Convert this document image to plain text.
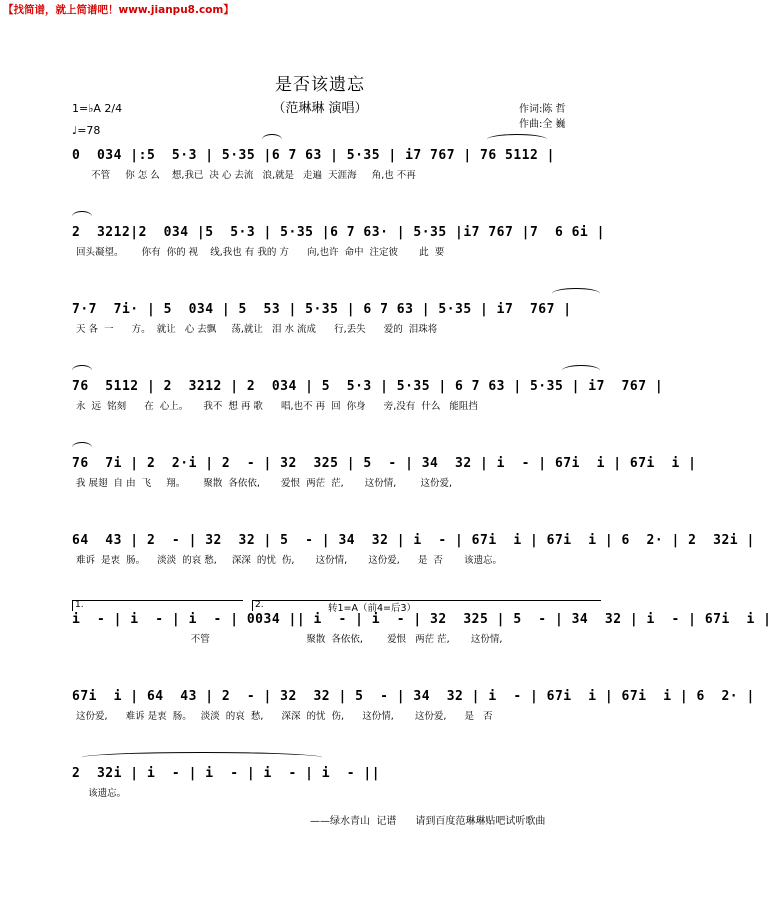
【找简谱，就上简谱吧！www.jianpu8.com】
是否该遗忘
（范琳琳 演唱）	作词:陈 哲
作曲:全 巍
1=♭A 2/4
♩=78
0  034 |:5  5·3 | 5·35 |6 7 63 | 5·35 | i7 767 | 76 5112 |
不管     你 怎 么    想,我已  决 心 去流   浪,就是   走遍  天涯海     角,也 不再
2  3212|2  034 |5  5·3 | 5·35 |6 7 63· | 5·35 |i7 767 |7  6 6i |
回头凝望。      你有  你的 视    线,我也 有 我的 方      向,也许  命中  注定彼       此  要
7·7  7i· | 5  034 | 5  53 | 5·35 | 6 7 63 | 5·35 | i7  767 |
天 各  一      方。  就让   心 去飘     荡,就让   泪 水 流成      行,丢失      爱的  泪珠将
76  5112 | 2  3212 | 2  034 | 5  5·3 | 5·35 | 6 7 63 | 5·35 | i7  767 |
永  远  铭刻      在  心上。     我不  想 再 歌      唱,也不 再  回  你身      旁,没有  什么   能阻挡
76  7i | 2  2·i | 2  - | 32  325 | 5  - | 34  32 | i  - | 67i  i | 67i  i |
我 展翅  自 由  飞     翔。      聚散  各依依,       爱恨  两茫  茫,       这份情,        这份爱,
64  43 | 2  - | 32  32 | 5  - | 34  32 | i  - | 67i  i | 67i  i | 6  2· | 2  32i |
难诉  是衷  肠。    淡淡  的哀 愁,     深深  的忧  伤,       这份情,       这份爱,      是  否       该遗忘。
1.	2.	转1=A（前4=后3）
i  - | i  - | i  - | 0034 || i  - | i  - | 32  325 | 5  - | 34  32 | i  - | 67i  i |
不管                                聚散  各依依,        爱恨   两茫 茫,       这份情,
67i  i | 64  43 | 2  - | 32  32 | 5  - | 34  32 | i  - | 67i  i | 67i  i | 6  2· |
这份爱,      难诉 是衷  肠。   淡淡  的哀  愁,      深深  的忧  伤,      这份情,       这份爱,      是   否
2  32i | i  - | i  - | i  - | i  - ||
该遗忘。
——绿水青山  记谱      请到百度范琳琳贴吧试听歌曲
